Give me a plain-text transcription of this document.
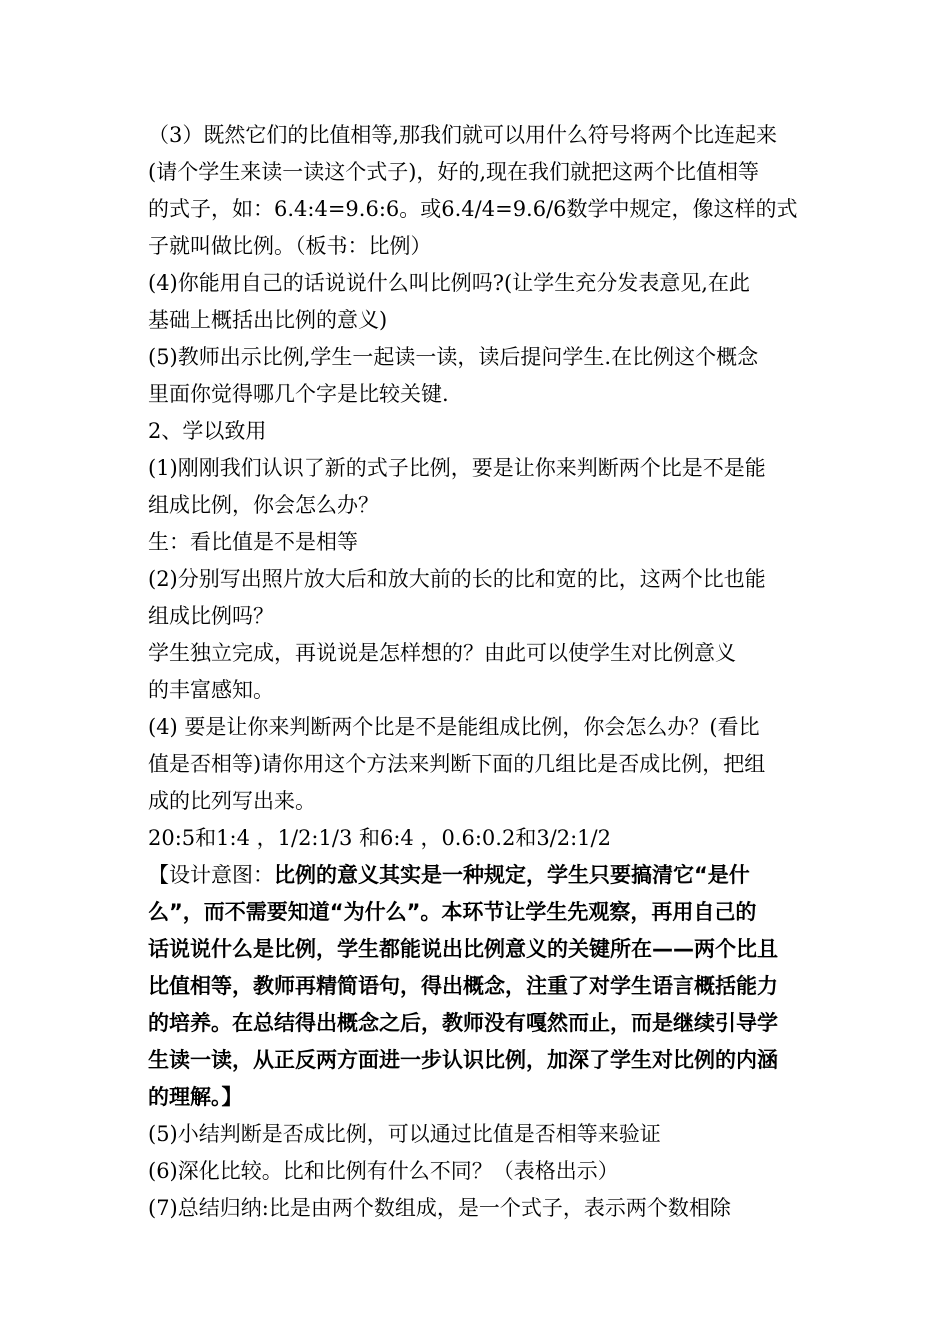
（3）既然它们的比值相等,那我们就可以用什么符号将两个比连起来
(请个学生来读一读这个式子)，好的,现在我们就把这两个比值相等
的式子，如：6.4:4=9.6:6。或6.4/4=9.6/6数学中规定，像这样的式
子就叫做比例。（板书：比例）
(4)你能用自己的话说说什么叫比例吗?(让学生充分发表意见,在此
基础上概括出比例的意义)
(5)教师出示比例,学生一起读一读，读后提问学生.在比例这个概念
里面你觉得哪几个字是比较关键.
2、学以致用
(1)刚刚我们认识了新的式子比例，要是让你来判断两个比是不是能
组成比例，你会怎么办？
生：看比值是不是相等
(2)分别写出照片放大后和放大前的长的比和宽的比，这两个比也能
组成比例吗？
学生独立完成，再说说是怎样想的？由此可以使学生对比例意义
的丰富感知。
(4) 要是让你来判断两个比是不是能组成比例，你会怎么办？(看比
值是否相等)请你用这个方法来判断下面的几组比是否成比例，把组
成的比列写出来。
20:5和1:4 ，1/2:1/3 和6:4 ，0.6:0.2和3/2:1/2
【设计意图：比例的意义其实是一种规定，学生只要搞清它“是什
么”，而不需要知道“为什么”。本环节让学生先观察，再用自己的
话说说什么是比例，学生都能说出比例意义的关键所在——两个比且
比值相等，教师再精简语句，得出概念，注重了对学生语言概括能力
的培养。在总结得出概念之后，教师没有嘎然而止，而是继续引导学
生读一读，从正反两方面进一步认识比例，加深了学生对比例的内涵
的理解。】
(5)小结判断是否成比例，可以通过比值是否相等来验证
(6)深化比较。比和比例有什么不同？（表格出示）
(7)总结归纳:比是由两个数组成，是一个式子，表示两个数相除
